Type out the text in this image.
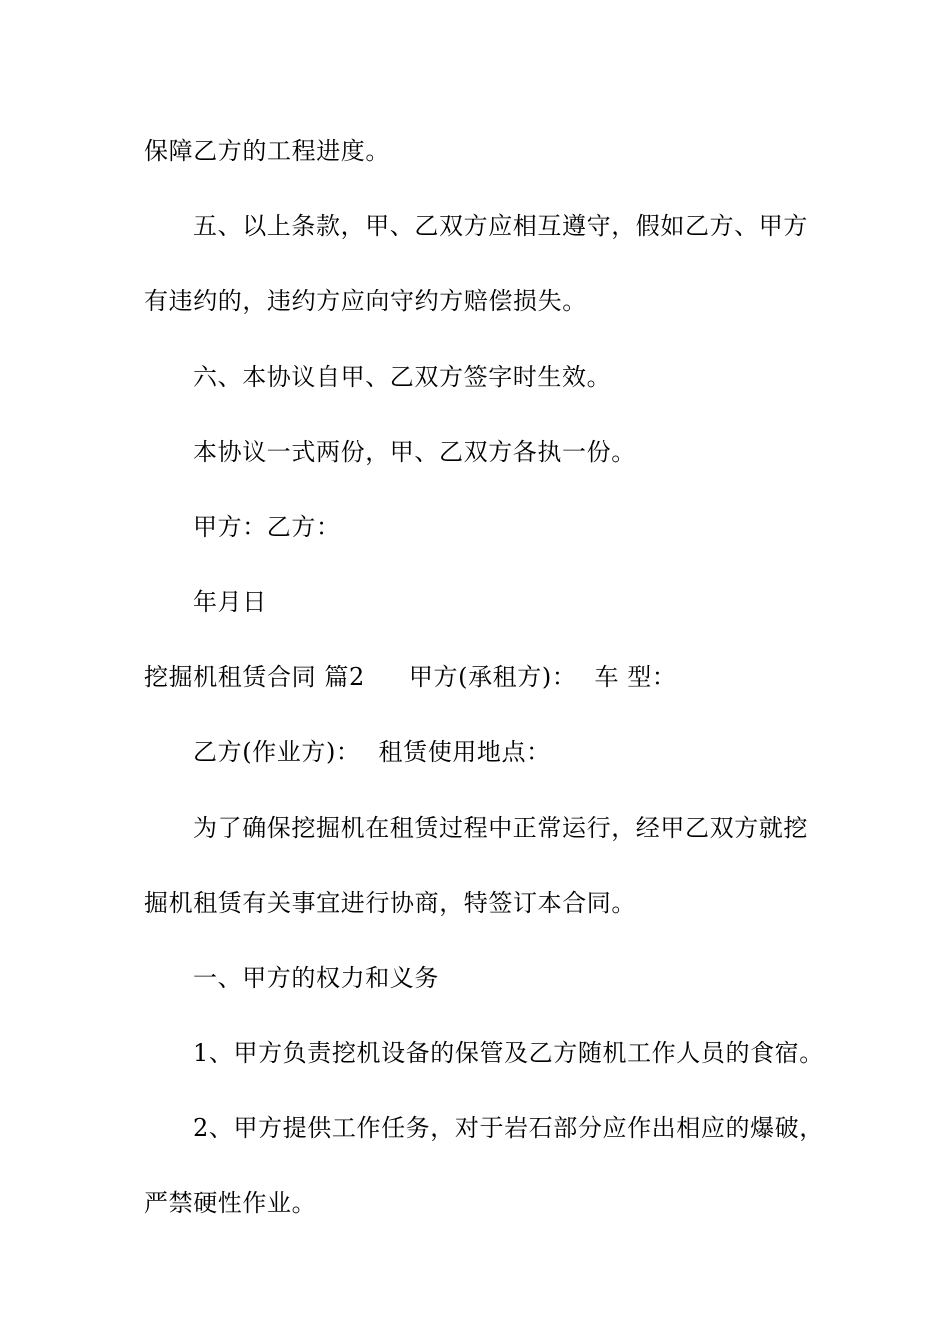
保障乙方的工程进度。
五、以上条款，甲、乙双方应相互遵守，假如乙方、甲方
有违约的，违约方应向守约方赔偿损失。
六、本协议自甲、乙双方签字时生效。
本协议一式两份，甲、乙双方各执一份。
甲方：乙方：
年月日
挖掘机租赁合同 篇2 甲方(承租方)： 车 型：
乙方(作业方)： 租赁使用地点：
为了确保挖掘机在租赁过程中正常运行，经甲乙双方就挖
掘机租赁有关事宜进行协商，特签订本合同。
一、甲方的权力和义务
1、甲方负责挖机设备的保管及乙方随机工作人员的食宿。
2、甲方提供工作任务，对于岩石部分应作出相应的爆破，
严禁硬性作业。
